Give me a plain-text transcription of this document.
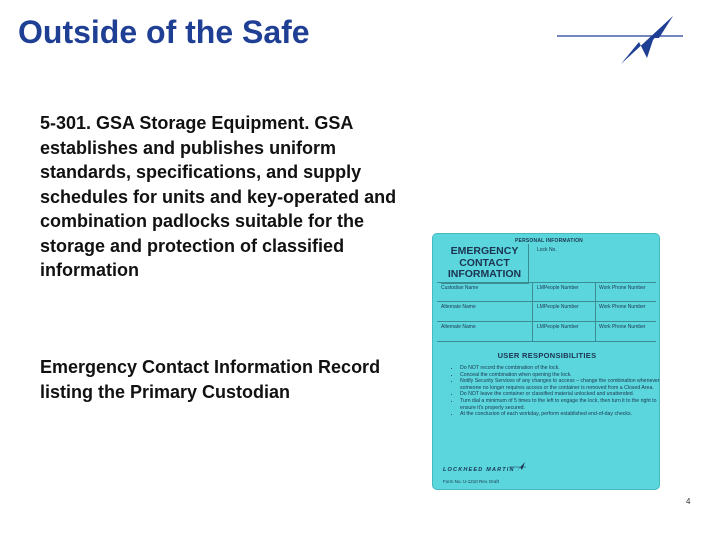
Outside of the Safe
5-301. GSA Storage Equipment. GSA establishes and publishes uniform standards, specifications, and supply schedules for units and key-operated and combination padlocks suitable for the storage and protection of classified information
Emergency Contact Information Record listing the Primary Custodian
PERSONAL INFORMATION
EMERGENCY
CONTACT
INFORMATION
Lock No.
Custodian Name	LMPeople Number	Work Phone Number
Alternate Name	LMPeople Number	Work Phone Number
Alternate Name	LMPeople Number	Work Phone Number
USER RESPONSIBILITIES
• Do NOT record the combination of the lock.
• Conceal the combination when opening the lock.
• Notify Security Services of any changes to access – change the combination whenever someone no longer requires access or the container is removed from a Closed Area.
• Do NOT leave the container or classified material unlocked and unattended.
• Turn dial a minimum of 5 times to the left to engage the lock, then turn it to the right to ensure it's properly secured.
• At the conclusion of each workday, perform established end-of-day checks.
LOCKHEED MARTIN
Form No. U-1210 Rev. Draft
4
